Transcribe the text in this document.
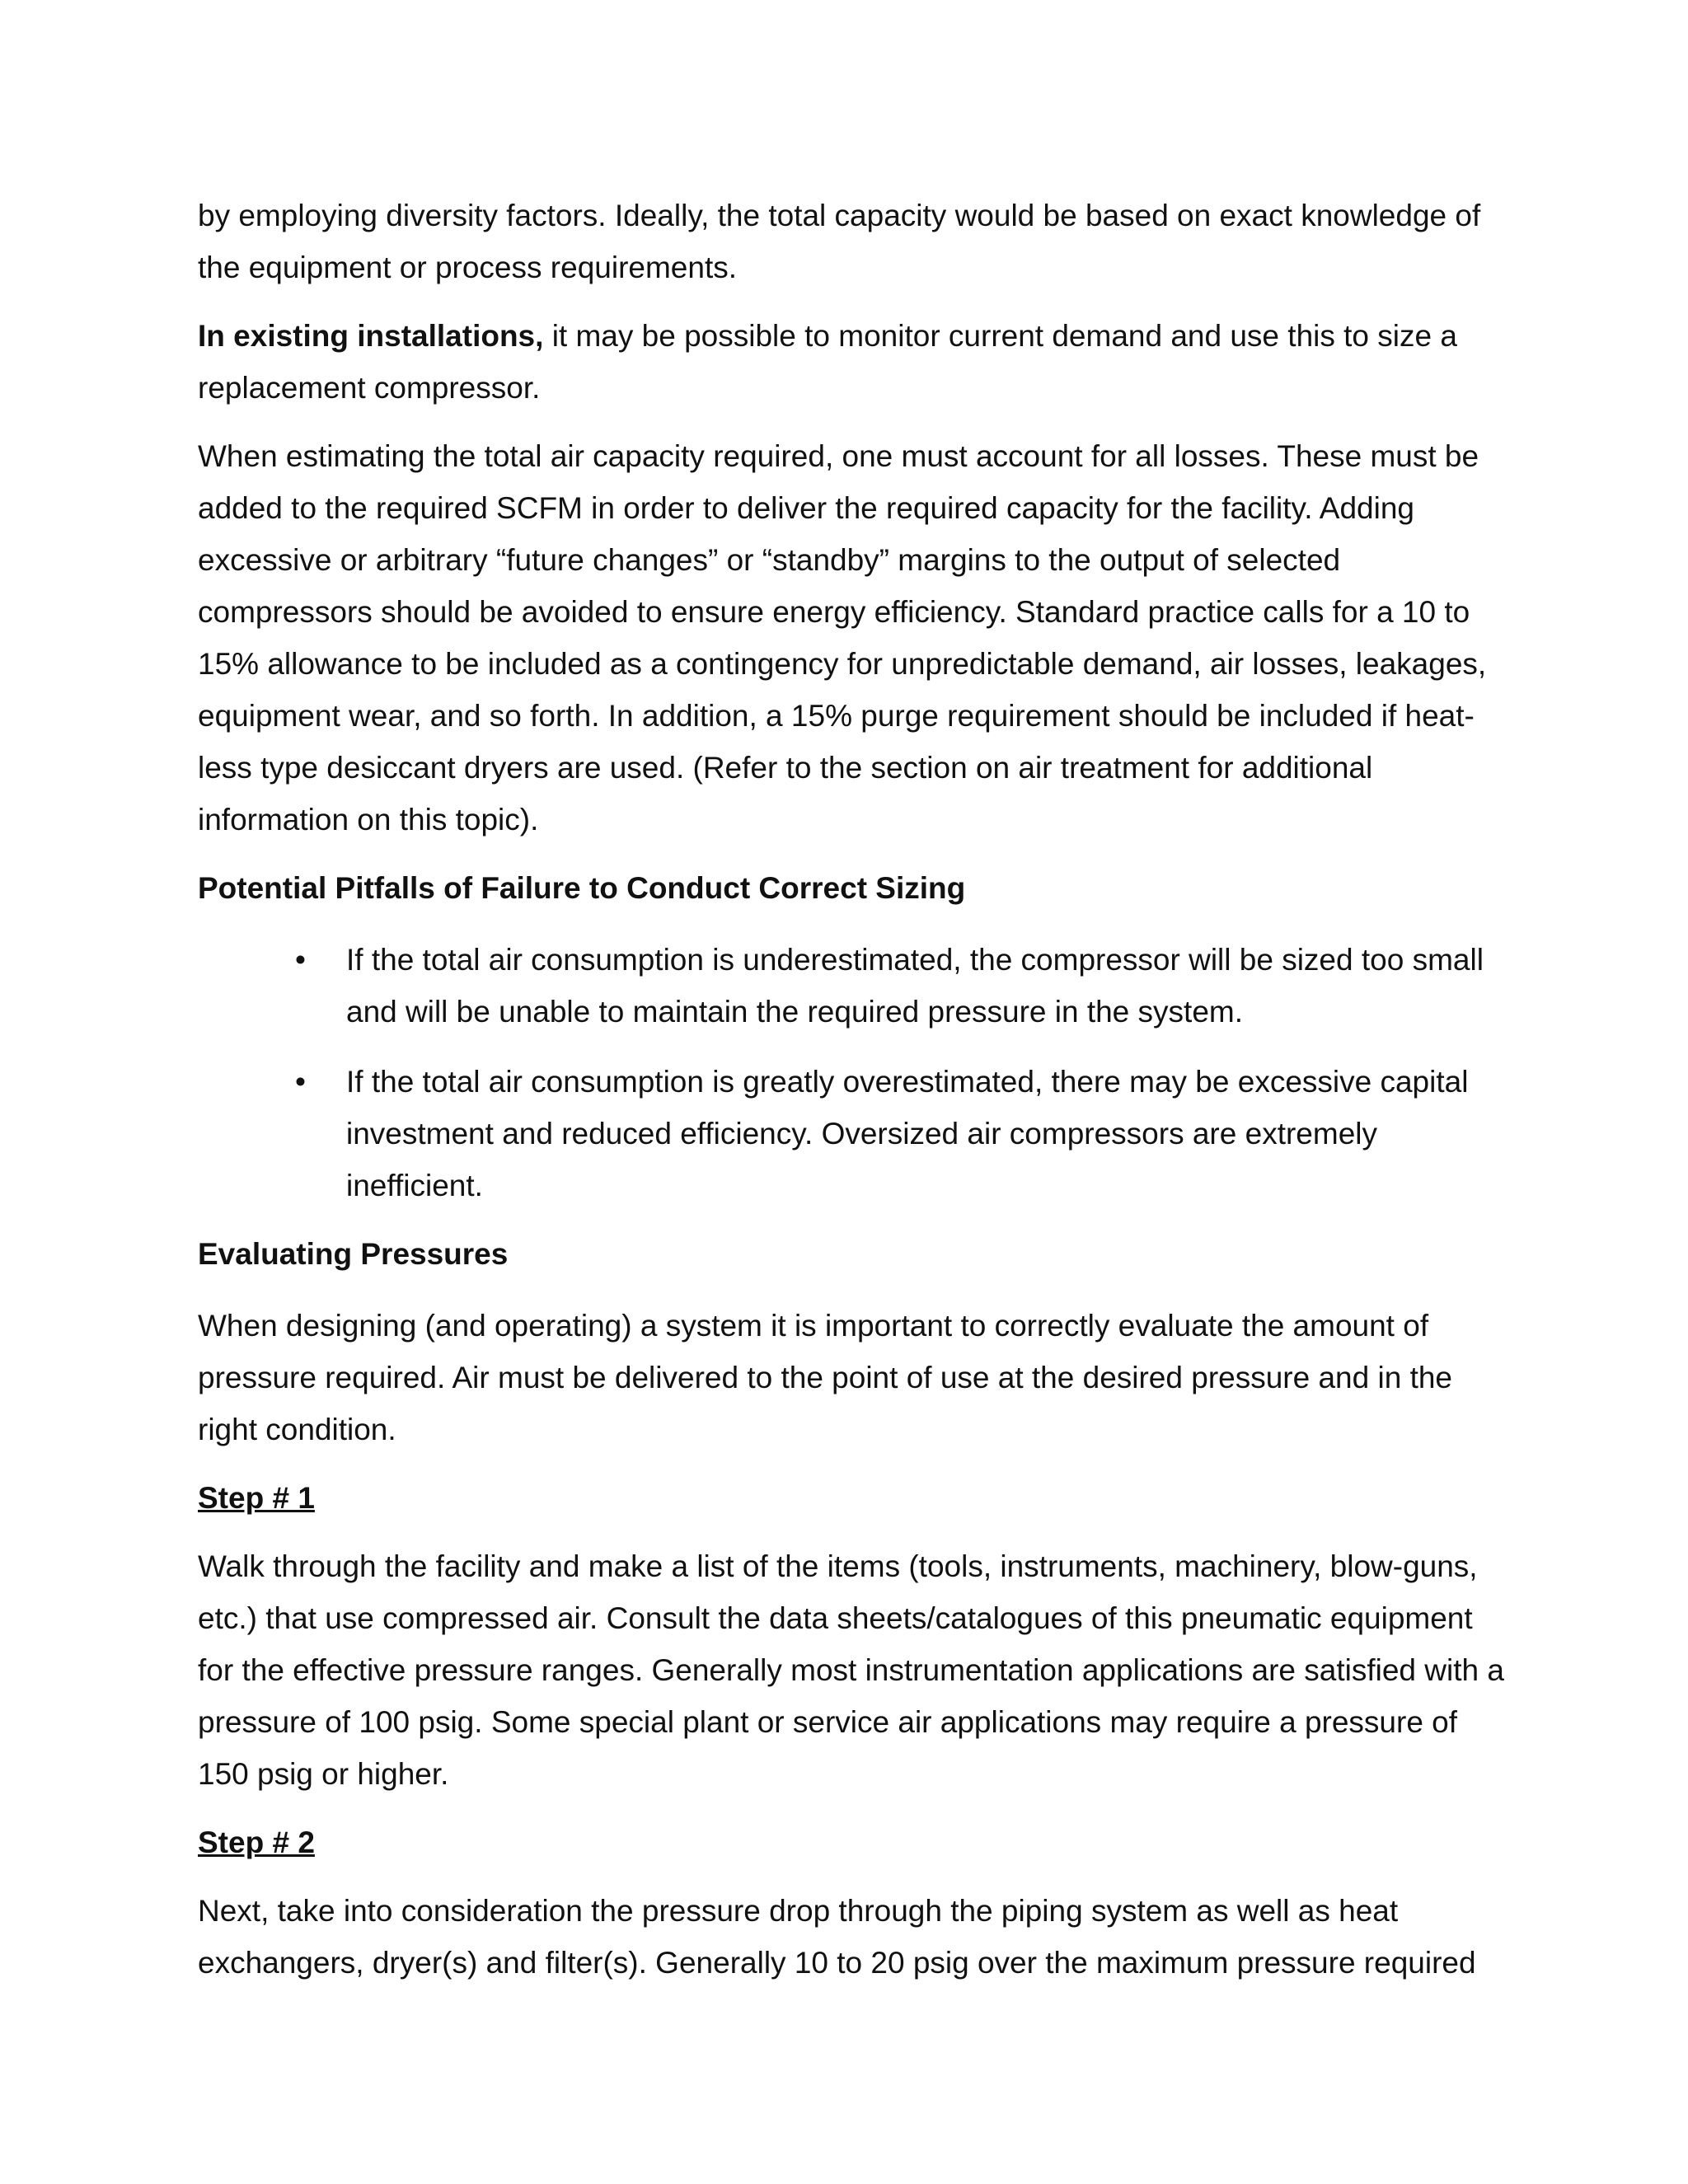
by employing diversity factors. Ideally, the total capacity would be based on exact knowledge of the equipment or process requirements.

In existing installations, it may be possible to monitor current demand and use this to size a replacement compressor.

When estimating the total air capacity required, one must account for all losses. These must be added to the required SCFM in order to deliver the required capacity for the facility. Adding excessive or arbitrary “future changes” or “standby” margins to the output of selected compressors should be avoided to ensure energy efficiency. Standard practice calls for a 10 to 15% allowance to be included as a contingency for unpredictable demand, air losses, leakages, equipment wear, and so forth. In addition, a 15% purge requirement should be included if heat-less type desiccant dryers are used. (Refer to the section on air treatment for additional information on this topic).

Potential Pitfalls of Failure to Conduct Correct Sizing

• If the total air consumption is underestimated, the compressor will be sized too small and will be unable to maintain the required pressure in the system.
• If the total air consumption is greatly overestimated, there may be excessive capital investment and reduced efficiency. Oversized air compressors are extremely inefficient.

Evaluating Pressures

When designing (and operating) a system it is important to correctly evaluate the amount of pressure required. Air must be delivered to the point of use at the desired pressure and in the right condition.

Step # 1

Walk through the facility and make a list of the items (tools, instruments, machinery, blow-guns, etc.) that use compressed air. Consult the data sheets/catalogues of this pneumatic equipment for the effective pressure ranges. Generally most instrumentation applications are satisfied with a pressure of 100 psig. Some special plant or service air applications may require a pressure of 150 psig or higher.

Step # 2

Next, take into consideration the pressure drop through the piping system as well as heat exchangers, dryer(s) and filter(s). Generally 10 to 20 psig over the maximum pressure required
